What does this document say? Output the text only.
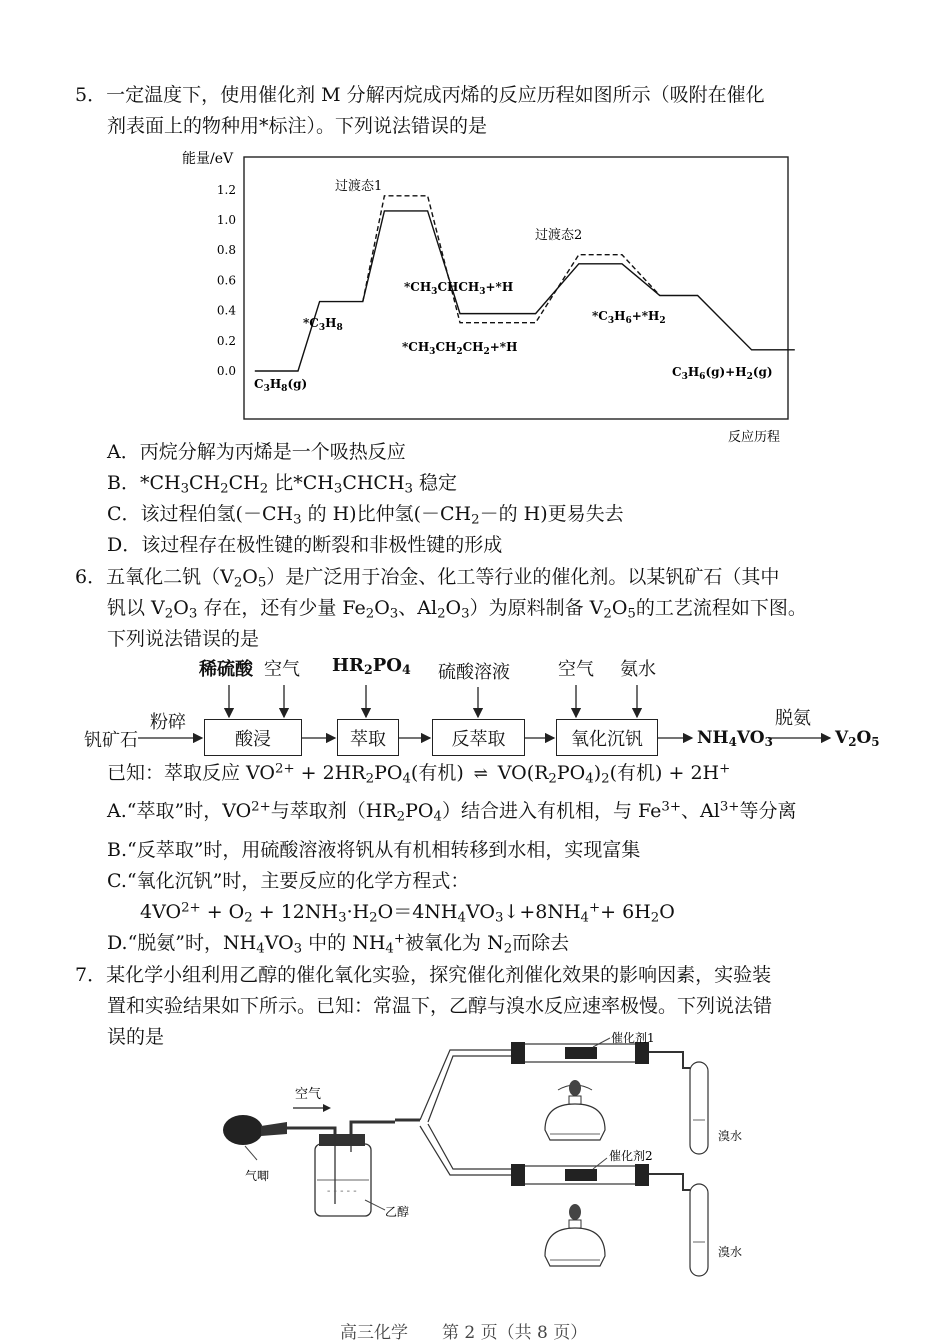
5．一定温度下，使用催化剂 M 分解丙烷成丙烯的反应历程如图所示（吸附在催化
剂表面上的物种用*标注）。下列说法错误的是
能量/eV
1.2
1.0
0.8
0.6
0.4
0.2
0.0
过渡态1
过渡态2
$C_3H_8(g)$
$*C_3H_8$
$*CH_3CHCH_3+*H$
$*CH_3CH_2CH_2+*H$
$*C_3H_6+*H_2$
$C_3H_6(g)+H_2(g)$
反应历程
A．丙烷分解为丙烯是一个吸热反应
B．$*CH_3CH_2CH_2$ 比$*CH_3CHCH_3$ 稳定
C．该过程伯氢($-CH_3$ 的 H)比仲氢($-CH_2-$的 H)更易失去
D．该过程存在极性键的断裂和非极性键的形成
6．五氧化二钒$(V_2O_5)$是广泛用于冶金、化工等行业的催化剂。以某钒矿石（其中
钒以 $V_2O_3$ 存在，还有少量 $Fe_2O_3$、$Al_2O_3$）为原料制备 $V_2O_5$的工艺流程如下图。
下列说法错误的是
钒矿石
粉碎
稀硫酸 空气 $HR_2PO_4$ 硫酸溶液	空气 氨水
酸浸	萃取	反萃取	氧化沉钒	$NH_4VO_3$
脱氨
$V_2O_5$
已知：萃取反应 $VO^{2+} + 2HR_2PO_4$(有机) ⇌ $VO(R_2PO_4)_2$(有机) + 2H+
A.“萃取”时，$VO^{2+}$与萃取剂$(HR_2PO_4)$结合进入有机相，与 $Fe^{3+}$、$Al^{3+}$等分离
B.“反萃取”时，用硫酸溶液将钒从有机相转移到水相，实现富集
C.“氧化沉钒”时，主要反应的化学方程式：
$4VO^{2+} + O_2$ + $12NH_3\cdot H_2O=4NH_4VO_3↓+8NH_4^++ 6H_2O$
D.“脱氨”时，$NH_4VO_3$ 中的 $NH_4^+$被氧化为 $N_2$而除去
7．某化学小组利用乙醇的催化氧化实验，探究催化剂催化效果的影响因素，实验装
置和实验结果如下所示。已知：常温下，乙醇与溴水反应速率极慢。下列说法错
误的是
气唧
空气
- - - - -
乙醇
催化剂1
溴水
催化剂2
溴水
高三化学　　第 2 页（共 8 页）
